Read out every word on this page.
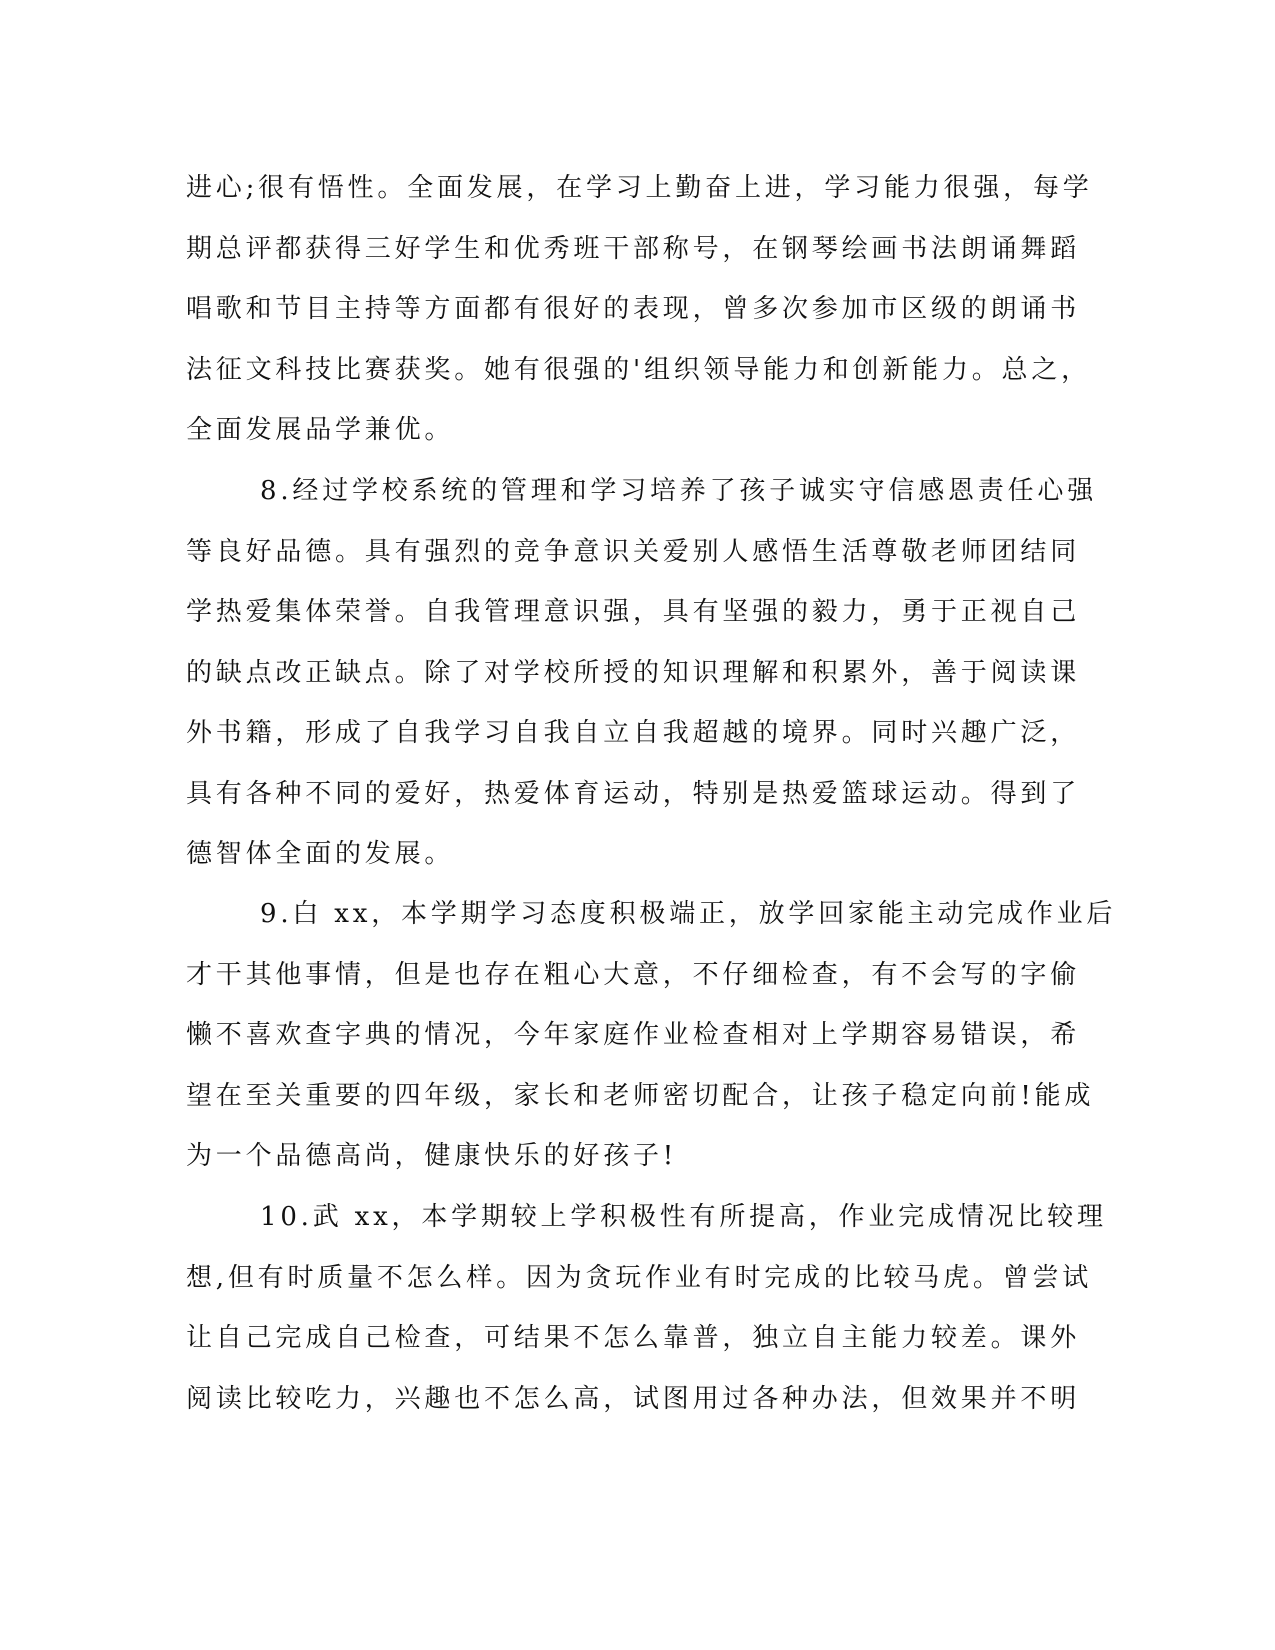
进心;很有悟性。全面发展，在学习上勤奋上进，学习能力很强，每学
期总评都获得三好学生和优秀班干部称号，在钢琴绘画书法朗诵舞蹈
唱歌和节目主持等方面都有很好的表现，曾多次参加市区级的朗诵书
法征文科技比赛获奖。她有很强的'组织领导能力和创新能力。总之，
全面发展品学兼优。
8.经过学校系统的管理和学习培养了孩子诚实守信感恩责任心强
等良好品德。具有强烈的竞争意识关爱别人感悟生活尊敬老师团结同
学热爱集体荣誉。自我管理意识强，具有坚强的毅力，勇于正视自己
的缺点改正缺点。除了对学校所授的知识理解和积累外，善于阅读课
外书籍，形成了自我学习自我自立自我超越的境界。同时兴趣广泛，
具有各种不同的爱好，热爱体育运动，特别是热爱篮球运动。得到了
德智体全面的发展。
9.白 xx，本学期学习态度积极端正，放学回家能主动完成作业后
才干其他事情，但是也存在粗心大意，不仔细检查，有不会写的字偷
懒不喜欢查字典的情况，今年家庭作业检查相对上学期容易错误，希
望在至关重要的四年级，家长和老师密切配合，让孩子稳定向前!能成
为一个品德高尚，健康快乐的好孩子!
10.武 xx，本学期较上学积极性有所提高，作业完成情况比较理
想,但有时质量不怎么样。因为贪玩作业有时完成的比较马虎。曾尝试
让自己完成自己检查，可结果不怎么靠普，独立自主能力较差。课外
阅读比较吃力，兴趣也不怎么高，试图用过各种办法，但效果并不明
